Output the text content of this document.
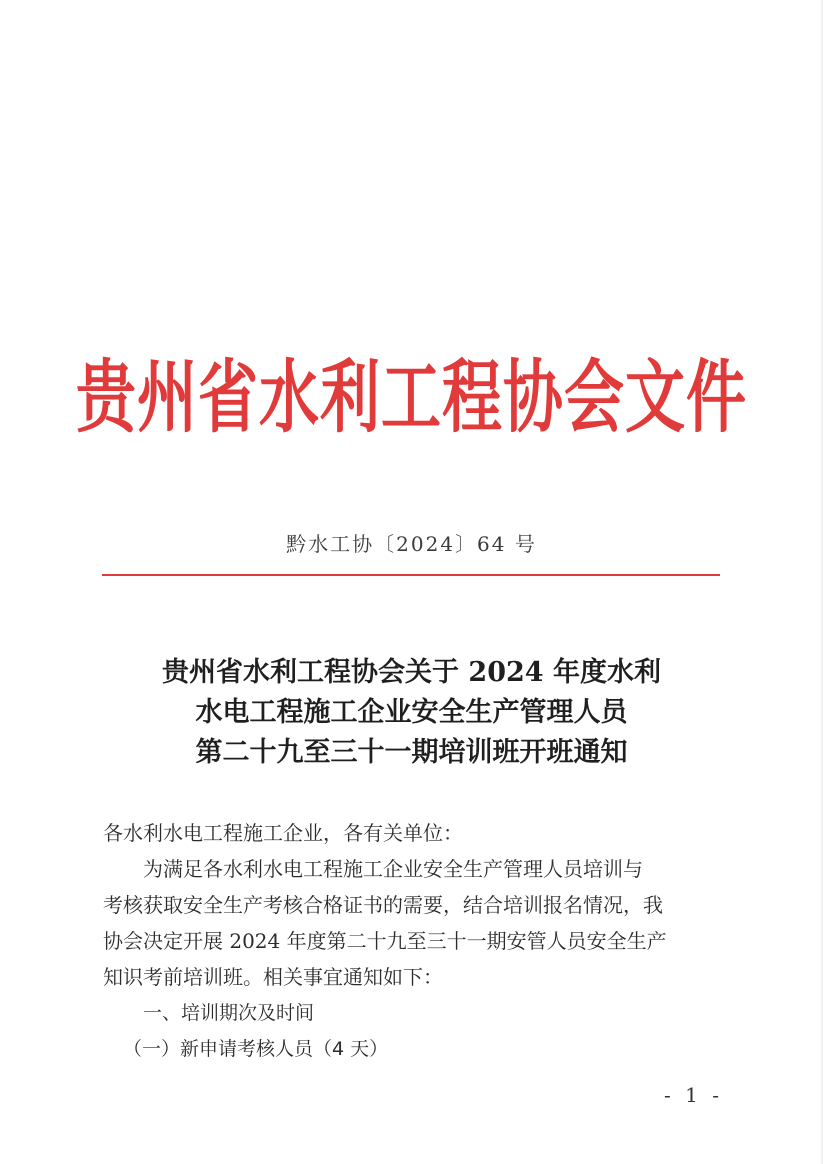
贵州省水利工程协会文件
黔水工协〔2024〕64 号
贵州省水利工程协会关于 2024 年度水利
水电工程施工企业安全生产管理人员
第二十九至三十一期培训班开班通知
各水利水电工程施工企业，各有关单位：
为满足各水利水电工程施工企业安全生产管理人员培训与
考核获取安全生产考核合格证书的需要，结合培训报名情况，我
协会决定开展 2024 年度第二十九至三十一期安管人员安全生产
知识考前培训班。相关事宜通知如下：
一、培训期次及时间
（一）新申请考核人员（4 天）
- 1 -
